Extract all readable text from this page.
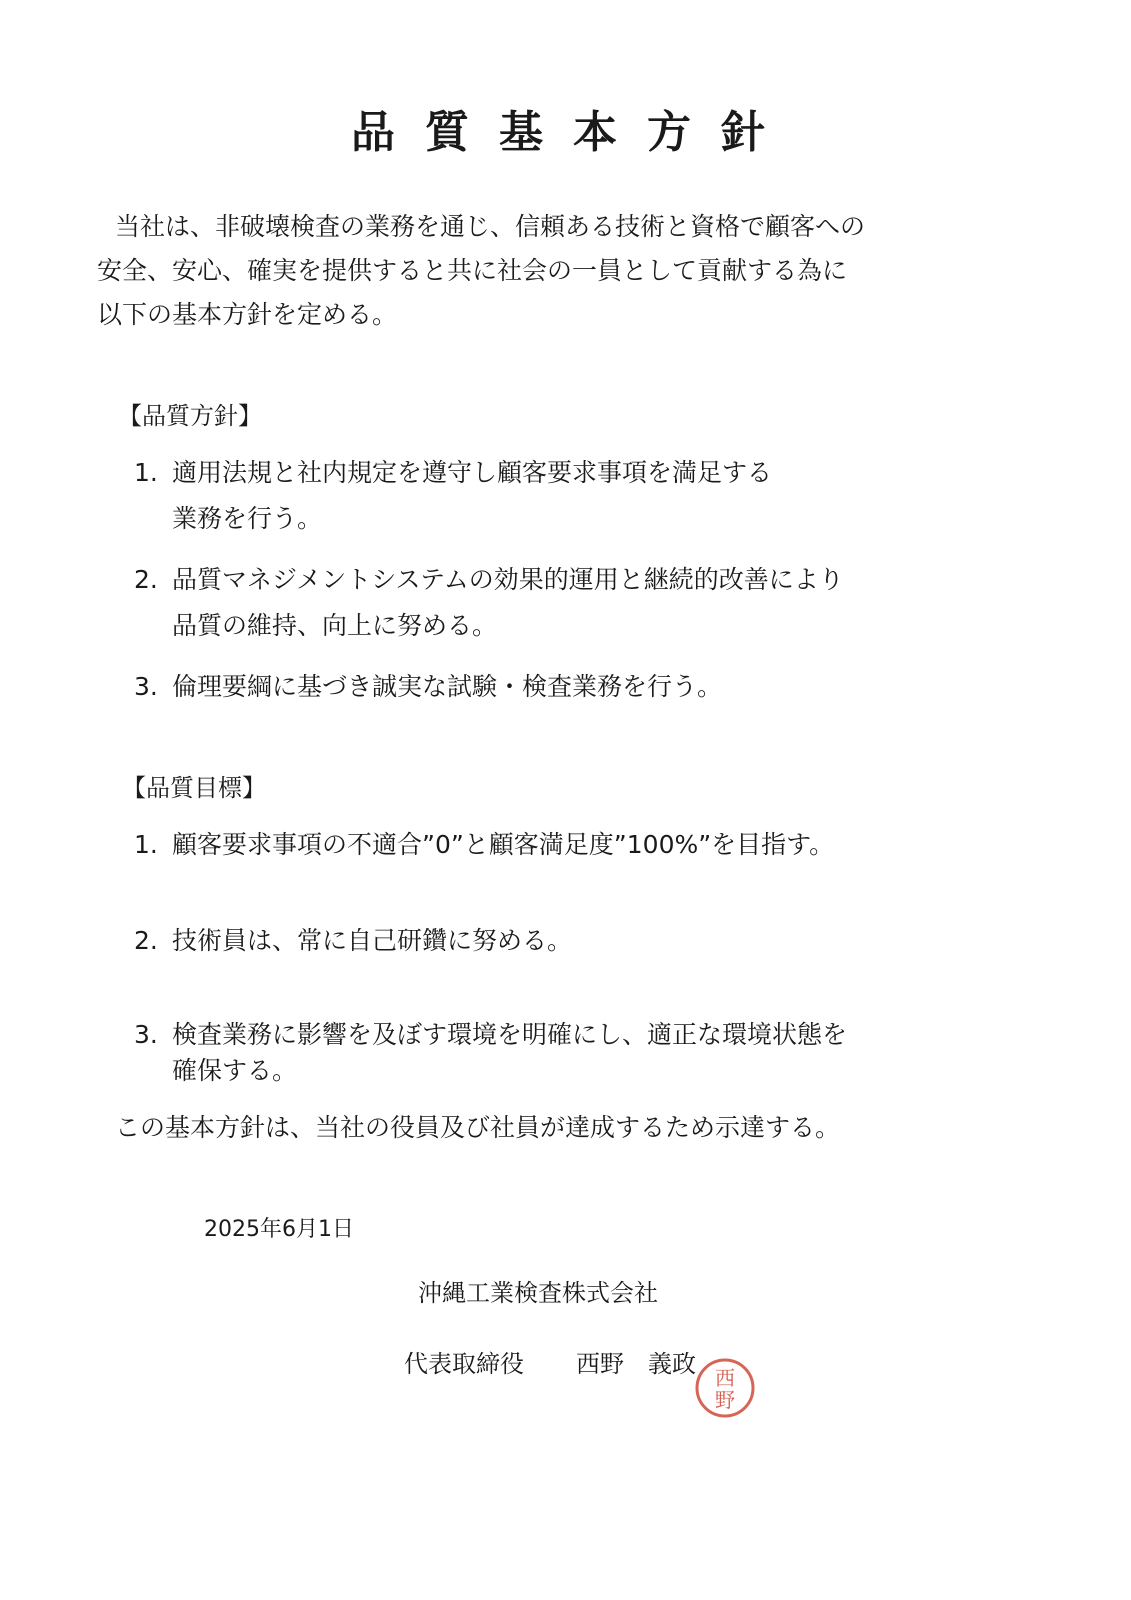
品質基本方針
当社は、非破壊検査の業務を通じ、信頼ある技術と資格で顧客への
安全、安心、確実を提供すると共に社会の一員として貢献する為に
以下の基本方針を定める。
【品質方針】
1. 適用法規と社内規定を遵守し顧客要求事項を満足する
業務を行う。
2. 品質マネジメントシステムの効果的運用と継続的改善により
品質の維持、向上に努める。
3. 倫理要綱に基づき誠実な試験・検査業務を行う。
【品質目標】
1. 顧客要求事項の不適合”0”と顧客満足度”100%”を目指す。
2. 技術員は、常に自己研鑽に努める。
3. 検査業務に影響を及ぼす環境を明確にし、適正な環境状態を
確保する。
この基本方針は、当社の役員及び社員が達成するため示達する。
2025年6月1日
沖縄工業検査株式会社
代表取締役 西野　義政 西
野
